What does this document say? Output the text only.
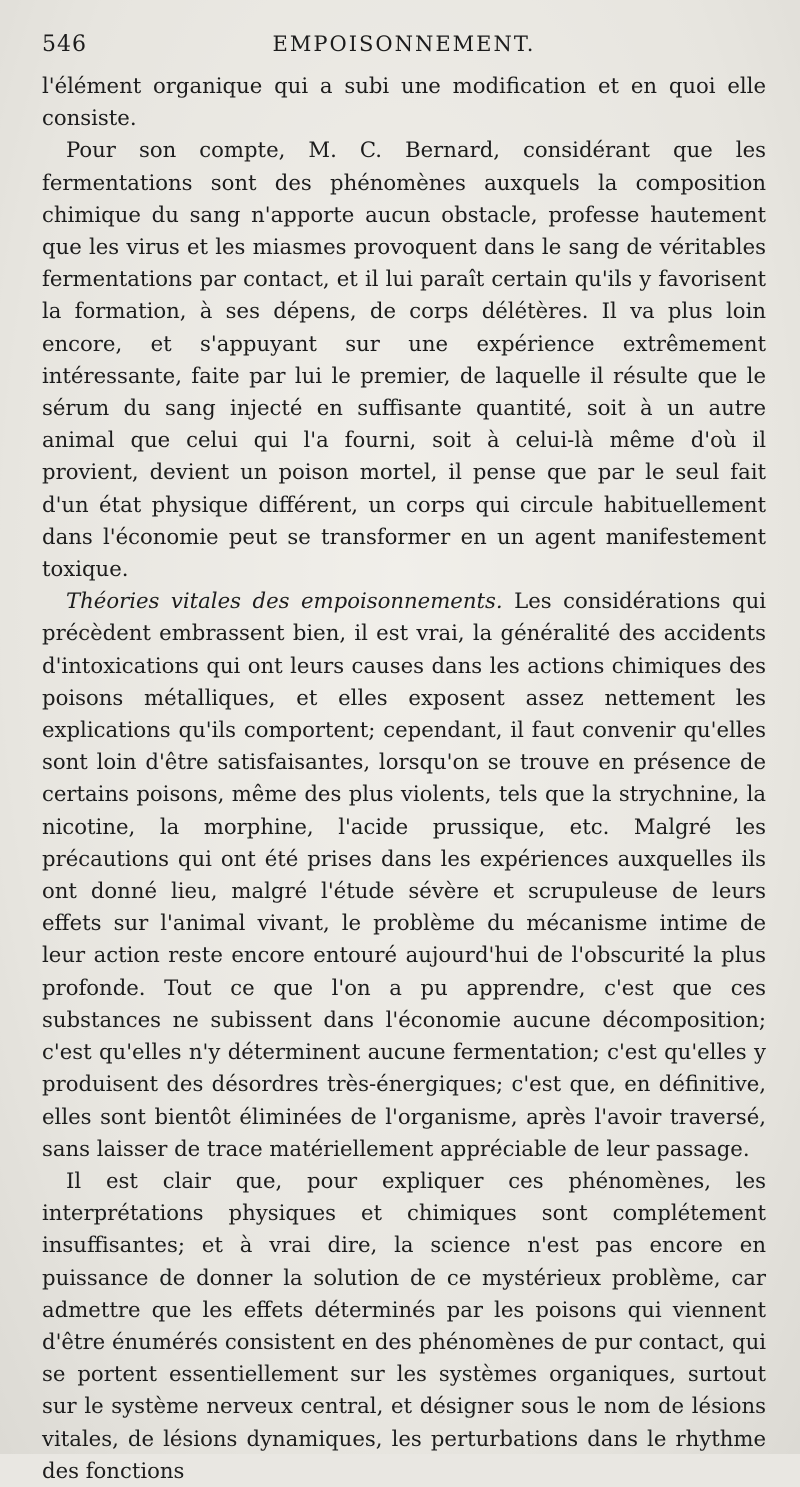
546	EMPOISONNEMENT.

l'élément organique qui a subi une modification et en quoi elle consiste.

Pour son compte, M. C. Bernard, considérant que les fermentations sont des phénomènes auxquels la composition chimique du sang n'apporte aucun obstacle, professe hautement que les virus et les miasmes provoquent dans le sang de véritables fermentations par contact, et il lui paraît certain qu'ils y favorisent la formation, à ses dépens, de corps délétères. Il va plus loin encore, et s'appuyant sur une expérience extrêmement intéressante, faite par lui le premier, de laquelle il résulte que le sérum du sang injecté en suffisante quantité, soit à un autre animal que celui qui l'a fourni, soit à celui-là même d'où il provient, devient un poison mortel, il pense que par le seul fait d'un état physique différent, un corps qui circule habituellement dans l'économie peut se transformer en un agent manifestement toxique.

Théories vitales des empoisonnements. Les considérations qui précèdent embrassent bien, il est vrai, la généralité des accidents d'intoxications qui ont leurs causes dans les actions chimiques des poisons métalliques, et elles exposent assez nettement les explications qu'ils comportent; cependant, il faut convenir qu'elles sont loin d'être satisfaisantes, lorsqu'on se trouve en présence de certains poisons, même des plus violents, tels que la strychnine, la nicotine, la morphine, l'acide prussique, etc. Malgré les précautions qui ont été prises dans les expériences auxquelles ils ont donné lieu, malgré l'étude sévère et scrupuleuse de leurs effets sur l'animal vivant, le problème du mécanisme intime de leur action reste encore entouré aujourd'hui de l'obscurité la plus profonde. Tout ce que l'on a pu apprendre, c'est que ces substances ne subissent dans l'économie aucune décomposition; c'est qu'elles n'y déterminent aucune fermentation; c'est qu'elles y produisent des désordres très-énergiques; c'est que, en définitive, elles sont bientôt éliminées de l'organisme, après l'avoir traversé, sans laisser de trace matériellement appréciable de leur passage.

Il est clair que, pour expliquer ces phénomènes, les interprétations physiques et chimiques sont complétement insuffisantes; et à vrai dire, la science n'est pas encore en puissance de donner la solution de ce mystérieux problème, car admettre que les effets déterminés par les poisons qui viennent d'être énumérés consistent en des phénomènes de pur contact, qui se portent essentiellement sur les systèmes organiques, surtout sur le système nerveux central, et désigner sous le nom de lésions vitales, de lésions dynamiques, les perturbations dans le rhythme des fonctions
